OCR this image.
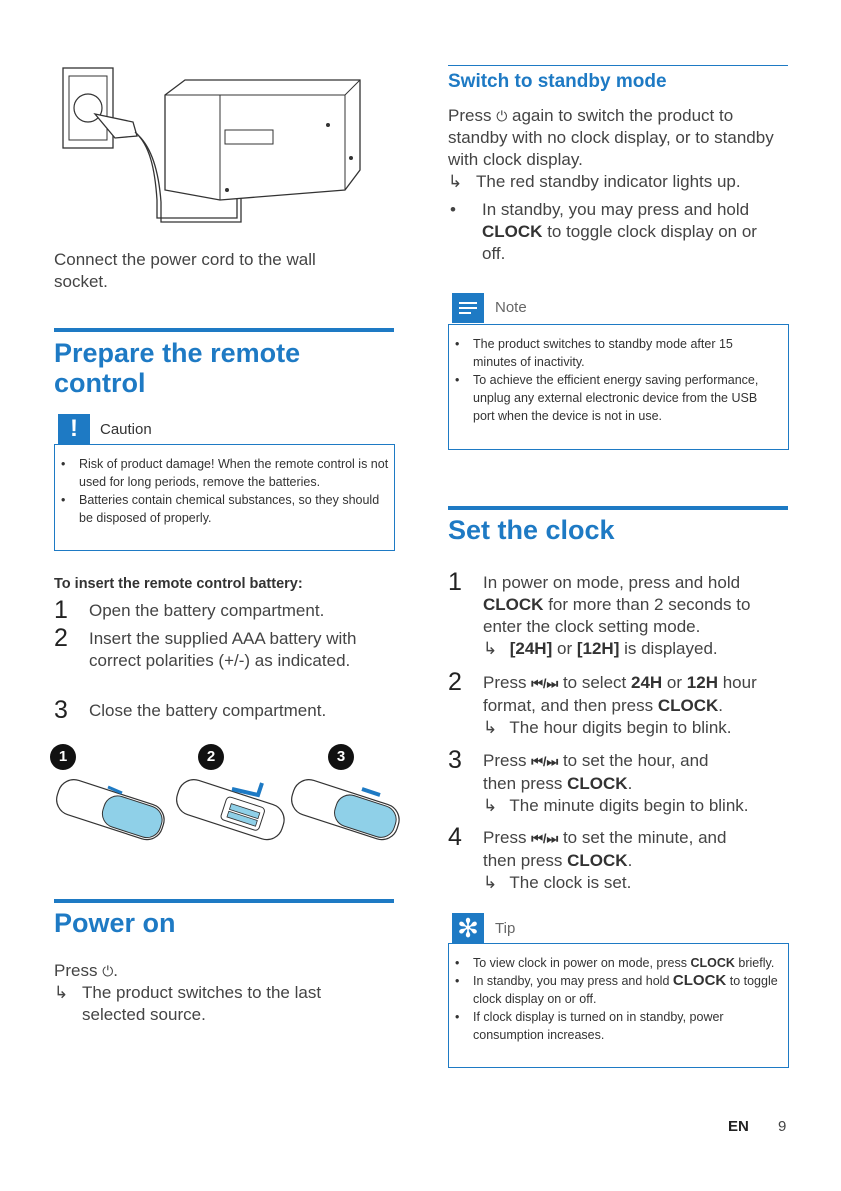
Connect the power cord to the wall socket.
Prepare the remote control
!	Caution
• Risk of product damage! When the remote control is not used for long periods, remove the batteries.
• Batteries contain chemical substances, so they should be disposed of properly.
To insert the remote control battery:
1 Open the battery compartment.
2 Insert the supplied AAA battery with correct polarities (+/-) as indicated.
3 Close the battery compartment.
1	2	3
Power on
Press ⏻.
↳ The product switches to the last selected source.
Switch to standby mode
Press ⏻ again to switch the product to standby with no clock display, or to standby with clock display.
↳ The red standby indicator lights up.
• In standby, you may press and hold CLOCK to toggle clock display on or off.
Note
• The product switches to standby mode after 15 minutes of inactivity.
• To achieve the efficient energy saving performance, unplug any external electronic device from the USB port when the device is not in use.
Set the clock
1 In power on mode, press and hold CLOCK for more than 2 seconds to enter the clock setting mode.
↳ [24H] or [12H] is displayed.
2 Press ⏮/⏭ to select 24H or 12H hour format, and then press CLOCK.
↳ The hour digits begin to blink.
3 Press ⏮/⏭ to set the hour, and
then press CLOCK.
↳ The minute digits begin to blink.
4 Press ⏮/⏭ to set the minute, and
then press CLOCK.
↳ The clock is set.
✻	Tip
• To view clock in power on mode, press CLOCK briefly.
• In standby, you may press and hold CLOCK to toggle clock display on or off.
• If clock display is turned on in standby, power consumption increases.
EN 9
